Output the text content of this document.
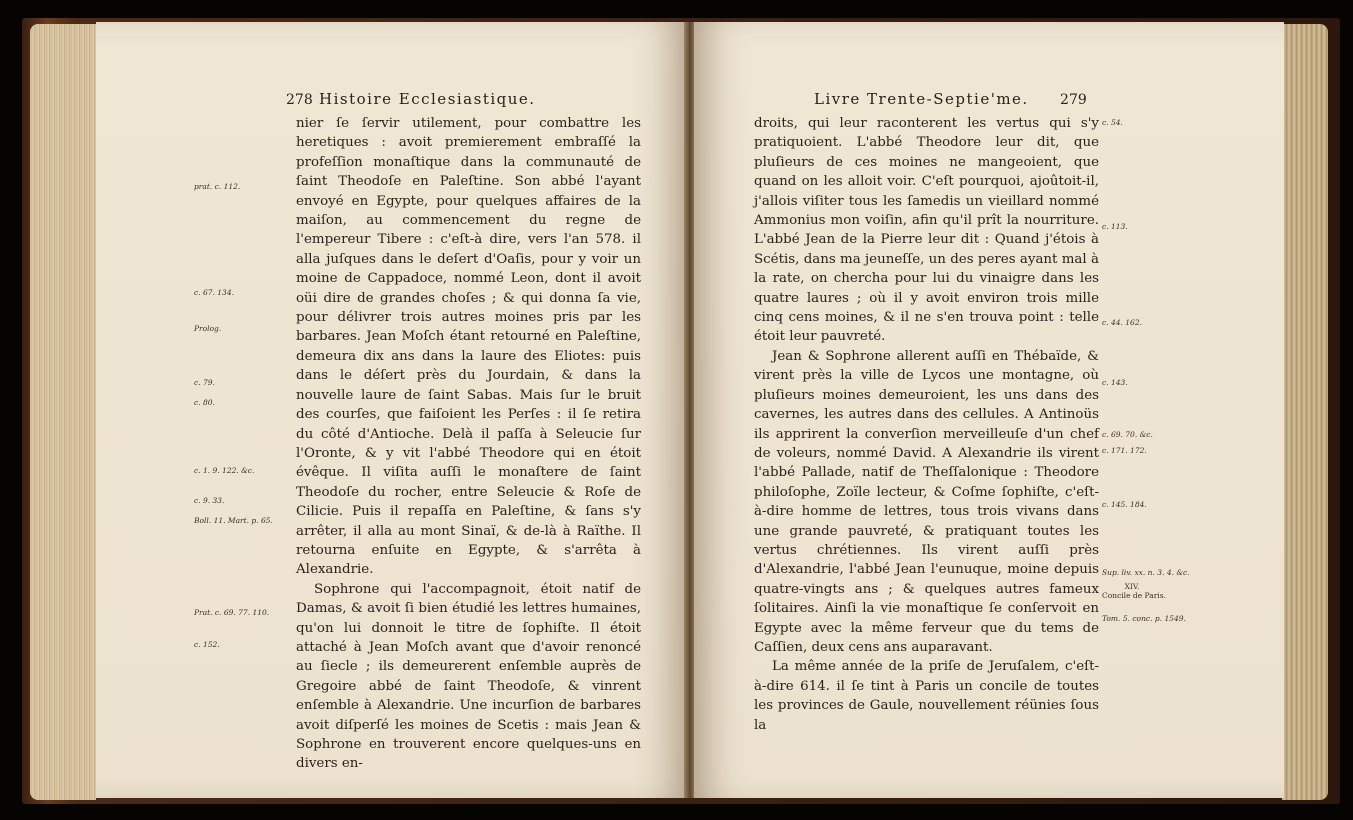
278 Histoire Ecclesiastique.
prat. c. 112.
c. 67. 134.
Prolog.
c. 79.
c. 80.
c. 1. 9. 122. &c.
c. 9. 33.
Boll. 11. Mart. p. 65.
Prat. c. 69. 77. 110.
c. 152.

nier ſe ſervir utilement, pour combattre les heretiques : avoit premierement embraſſé la profeſſion monaſtique dans la communauté de ſaint Theodoſe en Paleſtine. Son abbé l'ayant envoyé en Egypte, pour quelques affaires de la maiſon, au commencement du regne de l'empereur Tibere : c'eſt-à dire, vers l'an 578. il alla juſques dans le deſert d'Oaſis, pour y voir un moine de Cappadoce, nommé Leon, dont il avoit oüi dire de grandes choſes ; & qui donna ſa vie, pour délivrer trois autres moines pris par les barbares. Jean Moſch étant retourné en Paleſtine, demeura dix ans dans la laure des Eliotes: puis dans le déſert près du Jourdain, & dans la nouvelle laure de ſaint Sabas. Mais ſur le bruit des courſes, que faiſoient les Perſes : il ſe retira du côté d'Antioche. Delà il paſſa à Seleucie ſur l'Oronte, & y vit l'abbé Theodore qui en étoit évêque. Il viſita auſſi le monaſtere de ſaint Theodoſe du rocher, entre Seleucie & Roſe de Cilicie. Puis il repaſſa en Paleſtine, & ſans s'y arrêter, il alla au mont Sinaï, & de-là à Raïthe. Il retourna enſuite en Egypte, & s'arrêta à Alexandrie.

Sophrone qui l'accompagnoit, étoit natif de Damas, & avoit ſi bien étudié les lettres humaines, qu'on lui donnoit le titre de ſophiſte. Il étoit attaché à Jean Moſch avant que d'avoir renoncé au ſiecle ; ils demeurerent enſemble auprès de Gregoire abbé de ſaint Theodoſe, & vinrent enſemble à Alexandrie. Une incurſion de barbares avoit diſperſé les moines de Scetis : mais Jean & Sophrone en trouverent encore quelques-uns en divers en-

Livre Trente-Septie'me. 279
XIV.
Concile de Paris.
Tom. 5. conc. p. 1549.
c. 54.
c. 113.
c. 44. 162.
c. 143.
c. 69. 70. &c.
c. 171. 172.
c. 145. 184.
Sup. liv. xx. n. 3. 4. &c.

droits, qui leur raconterent les vertus qui s'y pratiquoient. L'abbé Theodore leur dit, que pluſieurs de ces moines ne mangeoient, que quand on les alloit voir. C'eſt pourquoi, ajoûtoit-il, j'allois viſiter tous les ſamedis un vieillard nommé Ammonius mon voiſin, afin qu'il prît la nourriture. L'abbé Jean de la Pierre leur dit : Quand j'étois à Scétis, dans ma jeuneſſe, un des peres ayant mal à la rate, on chercha pour lui du vinaigre dans les quatre laures ; où il y avoit environ trois mille cinq cens moines, & il ne s'en trouva point : telle étoit leur pauvreté.

Jean & Sophrone allerent auſſi en Thébaïde, & virent près la ville de Lycos une montagne, où pluſieurs moines demeuroient, les uns dans des cavernes, les autres dans des cellules. A Antinoüs ils apprirent la converſion merveilleuſe d'un chef de voleurs, nommé David. A Alexandrie ils virent l'abbé Pallade, natif de Theſſalonique : Theodore philoſophe, Zoïle lecteur, & Coſme ſophiſte, c'eſt-à-dire homme de lettres, tous trois vivans dans une grande pauvreté, & pratiquant toutes les vertus chrétiennes. Ils virent auſſi près d'Alexandrie, l'abbé Jean l'eunuque, moine depuis quatre-vingts ans ; & quelques autres fameux ſolitaires. Ainſi la vie monaſtique ſe conſervoit en Egypte avec la même ferveur que du tems de Caſſien, deux cens ans auparavant.

La même année de la priſe de Jeruſalem, c'eſt-à-dire 614. il ſe tint à Paris un concile de toutes les provinces de Gaule, nouvellement réünies ſous la
